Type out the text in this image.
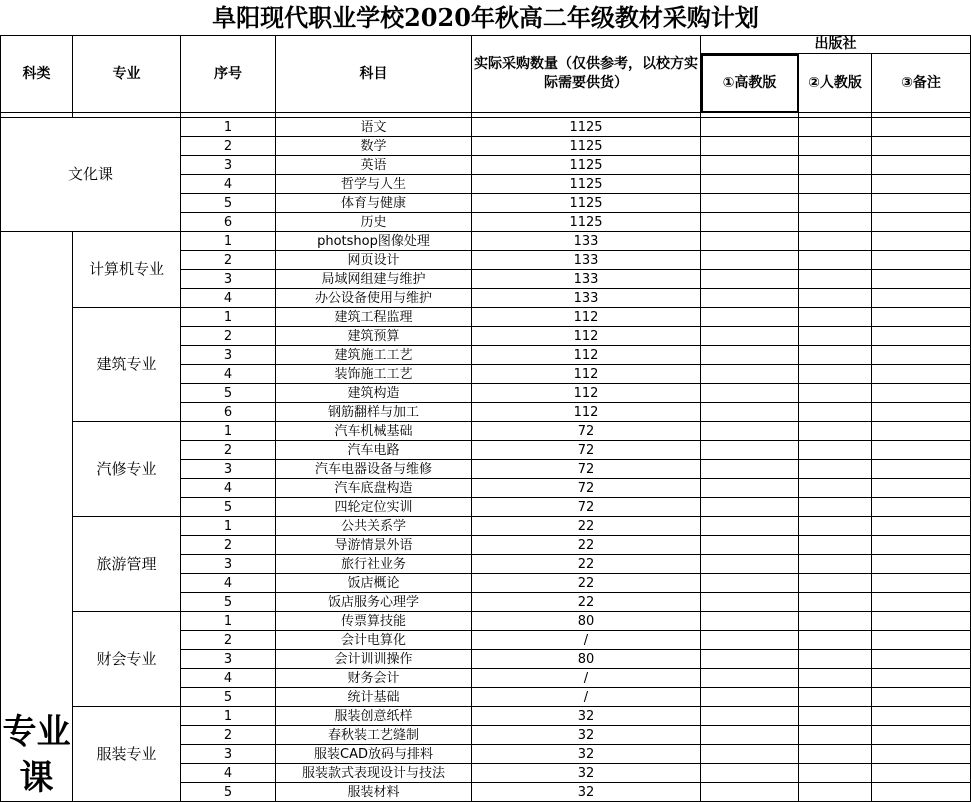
阜阳现代职业学校2020年秋高二年级教材采购计划
科类	专业	序号	科目	实际采购数量（仅供参考，以校方实际需要供货）	出版社		
					①高教版	②人教版	③备注

文化课		1	语文	1125			
		2	数学	1125			
		3	英语	1125			
		4	哲学与人生	1125			
		5	体育与健康	1125			
		6	历史	1125			
专业课	计算机专业	1	photshop图像处理	133			
		2	网页设计	133			
		3	局域网组建与维护	133			
		4	办公设备使用与维护	133			
	建筑专业	1	建筑工程监理	112			
		2	建筑预算	112			
		3	建筑施工工艺	112			
		4	装饰施工工艺	112			
		5	建筑构造	112			
		6	钢筋翻样与加工	112			
	汽修专业	1	汽车机械基础	72			
		2	汽车电路	72			
		3	汽车电器设备与维修	72			
		4	汽车底盘构造	72			
		5	四轮定位实训	72			
	旅游管理	1	公共关系学	22			
		2	导游情景外语	22			
		3	旅行社业务	22			
		4	饭店概论	22			
		5	饭店服务心理学	22			
	财会专业	1	传票算技能	80			
		2	会计电算化	/			
		3	会计训训操作	80			
		4	财务会计	/			
		5	统计基础	/			
	服装专业	1	服装创意纸样	32			
		2	春秋装工艺缝制	32			
		3	服装CAD放码与排料	32			
		4	服装款式表现设计与技法	32			
		5	服装材料	32			
